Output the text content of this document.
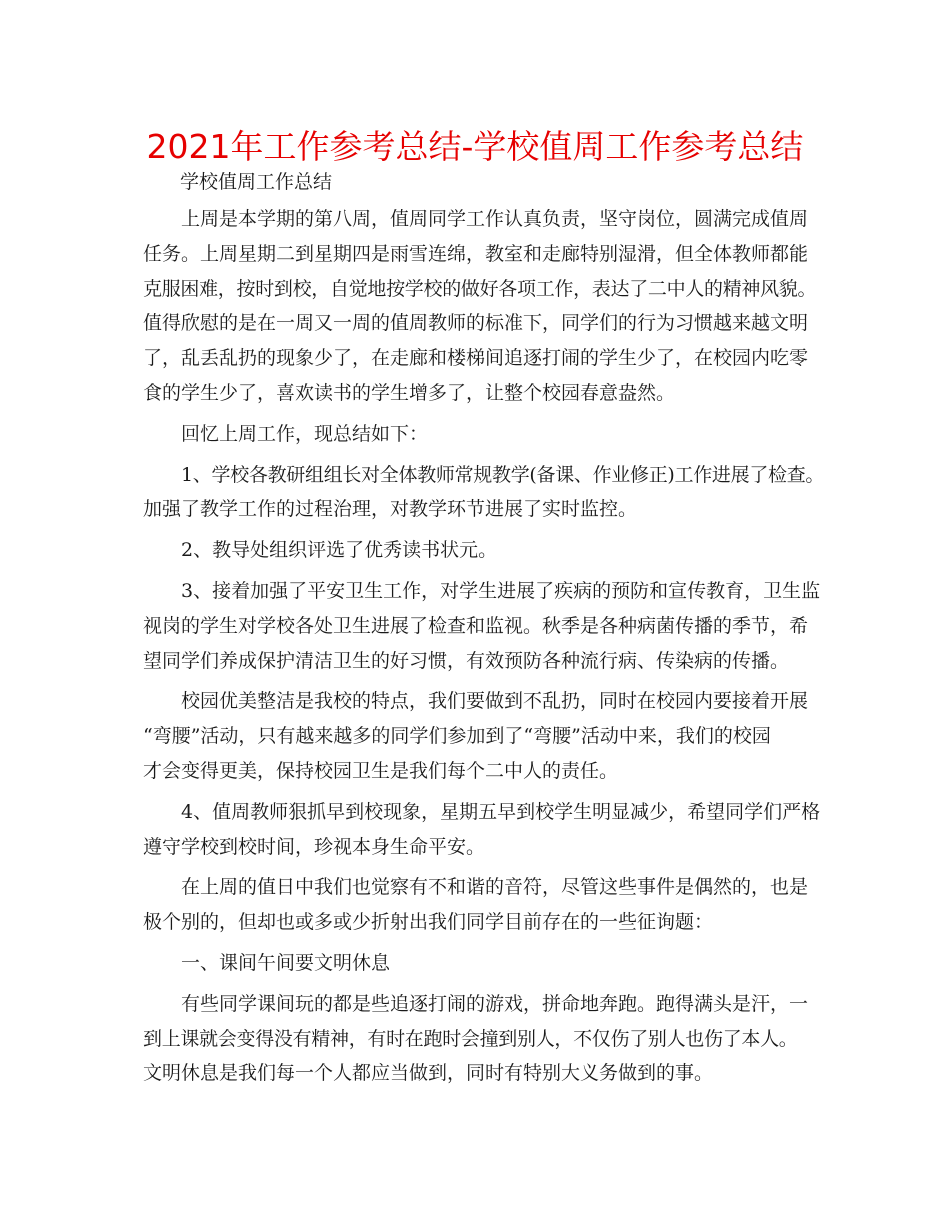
2021年工作参考总结-学校值周工作参考总结
学校值周工作总结

上周是本学期的第八周，值周同学工作认真负责，坚守岗位，圆满完成值周
任务。上周星期二到星期四是雨雪连绵，教室和走廊特别湿滑，但全体教师都能
克服困难，按时到校，自觉地按学校的做好各项工作，表达了二中人的精神风貌。
值得欣慰的是在一周又一周的值周教师的标准下，同学们的行为习惯越来越文明
了，乱丢乱扔的现象少了，在走廊和楼梯间追逐打闹的学生少了，在校园内吃零
食的学生少了，喜欢读书的学生增多了，让整个校园春意盎然。

回忆上周工作，现总结如下：

1、学校各教研组组长对全体教师常规教学(备课、作业修正)工作进展了检查。
加强了教学工作的过程治理，对教学环节进展了实时监控。

2、教导处组织评选了优秀读书状元。

3、接着加强了平安卫生工作，对学生进展了疾病的预防和宣传教育，卫生监
视岗的学生对学校各处卫生进展了检查和监视。秋季是各种病菌传播的季节，希
望同学们养成保护清洁卫生的好习惯，有效预防各种流行病、传染病的传播。

校园优美整洁是我校的特点，我们要做到不乱扔，同时在校园内要接着开展
“弯腰”活动，只有越来越多的同学们参加到了“弯腰”活动中来，我们的校园
才会变得更美，保持校园卫生是我们每个二中人的责任。

4、值周教师狠抓早到校现象，星期五早到校学生明显减少，希望同学们严格
遵守学校到校时间，珍视本身生命平安。

在上周的值日中我们也觉察有不和谐的音符，尽管这些事件是偶然的，也是
极个别的，但却也或多或少折射出我们同学目前存在的一些征询题：

一、课间午间要文明休息

有些同学课间玩的都是些追逐打闹的游戏，拼命地奔跑。跑得满头是汗，一
到上课就会变得没有精神，有时在跑时会撞到别人，不仅伤了别人也伤了本人。
文明休息是我们每一个人都应当做到，同时有特别大义务做到的事。
